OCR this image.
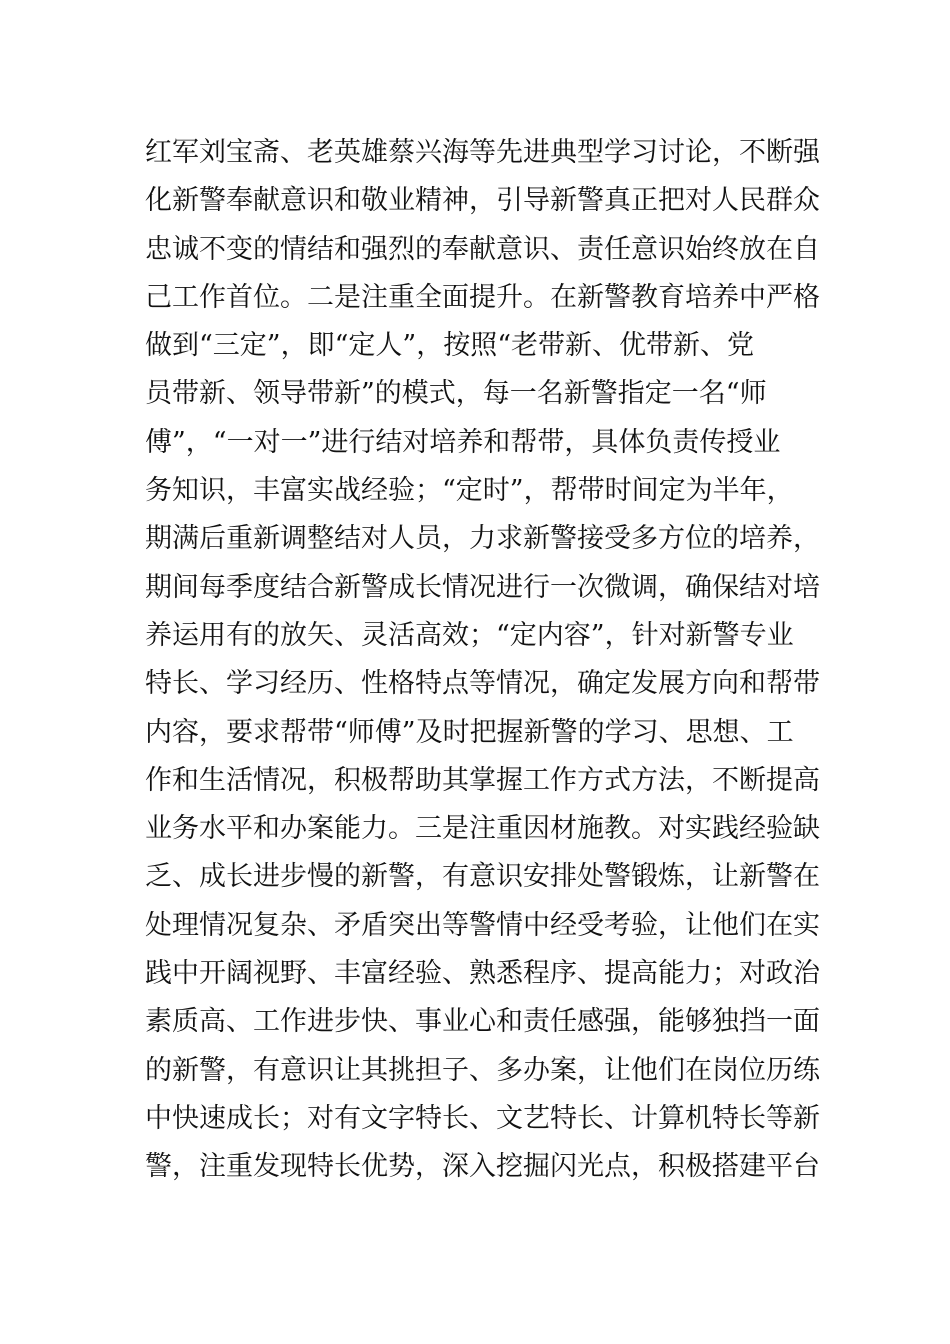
红军刘宝斋、老英雄蔡兴海等先进典型学习讨论，不断强
化新警奉献意识和敬业精神，引导新警真正把对人民群众
忠诚不变的情结和强烈的奉献意识、责任意识始终放在自
己工作首位。二是注重全面提升。在新警教育培养中严格
做到“三定”，即“定人”，按照“老带新、优带新、党
员带新、领导带新”的模式，每一名新警指定一名“师
傅”，“一对一”进行结对培养和帮带，具体负责传授业
务知识，丰富实战经验；“定时”，帮带时间定为半年，
期满后重新调整结对人员，力求新警接受多方位的培养，
期间每季度结合新警成长情况进行一次微调，确保结对培
养运用有的放矢、灵活高效；“定内容”，针对新警专业
特长、学习经历、性格特点等情况，确定发展方向和帮带
内容，要求帮带“师傅”及时把握新警的学习、思想、工
作和生活情况，积极帮助其掌握工作方式方法，不断提高
业务水平和办案能力。三是注重因材施教。对实践经验缺
乏、成长进步慢的新警，有意识安排处警锻炼，让新警在
处理情况复杂、矛盾突出等警情中经受考验，让他们在实
践中开阔视野、丰富经验、熟悉程序、提高能力；对政治
素质高、工作进步快、事业心和责任感强，能够独挡一面
的新警，有意识让其挑担子、多办案，让他们在岗位历练
中快速成长；对有文字特长、文艺特长、计算机特长等新
警，注重发现特长优势，深入挖掘闪光点，积极搭建平台
